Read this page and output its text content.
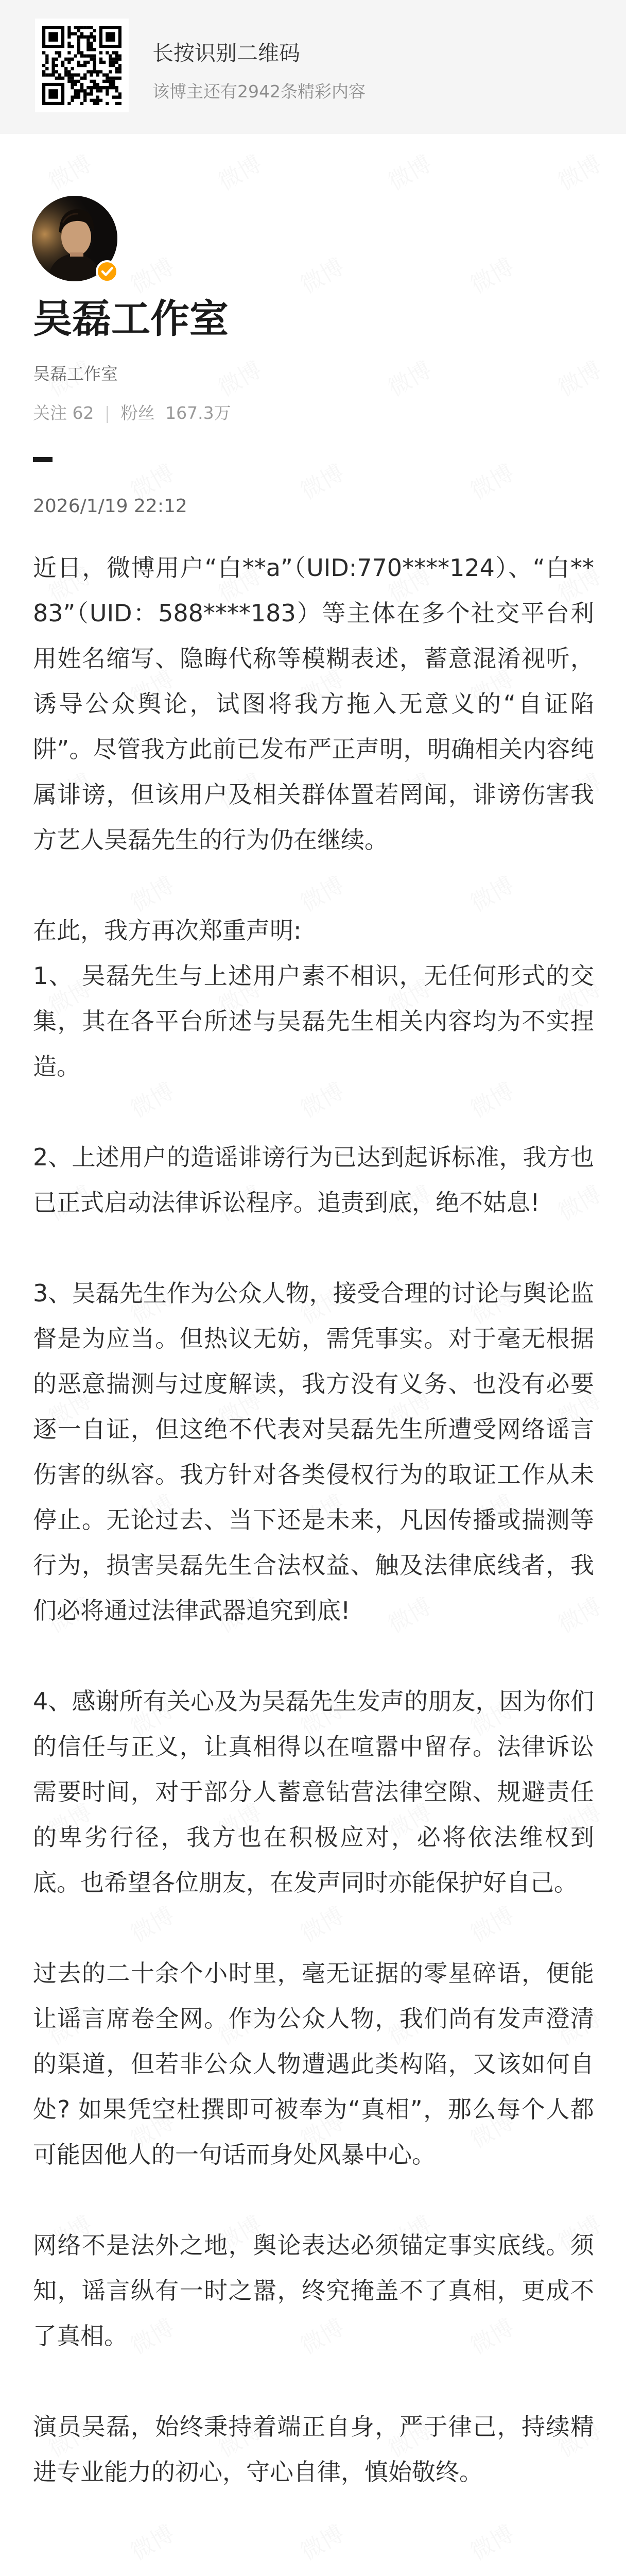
长按识别二维码
该博主还有2942条精彩内容
吴磊工作室
吴磊工作室
关注 62 | 粉丝 167.3万
2026/1/19 22:12

近日，微博用户“白**a”（UID:770****124）、“白**83”（UID：588****183）等主体在多个社交平台利用姓名缩写、隐晦代称等模糊表述，蓄意混淆视听，诱导公众舆论，试图将我方拖入无意义的“自证陷阱”。尽管我方此前已发布严正声明，明确相关内容纯属诽谤，但该用户及相关群体置若罔闻，诽谤伤害我方艺人吴磊先生的行为仍在继续。

在此，我方再次郑重声明:
1、 吴磊先生与上述用户素不相识，无任何形式的交集，其在各平台所述与吴磊先生相关内容均为不实捏造。

2、上述用户的造谣诽谤行为已达到起诉标准，我方也已正式启动法律诉讼程序。追责到底，绝不姑息!

3、吴磊先生作为公众人物，接受合理的讨论与舆论监督是为应当。但热议无妨，需凭事实。对于毫无根据的恶意揣测与过度解读，我方没有义务、也没有必要逐一自证，但这绝不代表对吴磊先生所遭受网络谣言伤害的纵容。我方针对各类侵权行为的取证工作从未停止。无论过去、当下还是未来，凡因传播或揣测等行为，损害吴磊先生合法权益、触及法律底线者，我们必将通过法律武器追究到底!

4、感谢所有关心及为吴磊先生发声的朋友，因为你们的信任与正义，让真相得以在喧嚣中留存。法律诉讼需要时间，对于部分人蓄意钻营法律空隙、规避责任的卑劣行径，我方也在积极应对，必将依法维权到底。也希望各位朋友，在发声同时亦能保护好自己。

过去的二十余个小时里，毫无证据的零星碎语，便能让谣言席卷全网。作为公众人物，我们尚有发声澄清的渠道，但若非公众人物遭遇此类构陷，又该如何自处? 如果凭空杜撰即可被奉为“真相”，那么每个人都可能因他人的一句话而身处风暴中心。

网络不是法外之地，舆论表达必须锚定事实底线。须知，谣言纵有一时之嚣，终究掩盖不了真相，更成不了真相。

演员吴磊，始终秉持着端正自身，严于律己，持续精进专业能力的初心，守心自律，慎始敬终。
